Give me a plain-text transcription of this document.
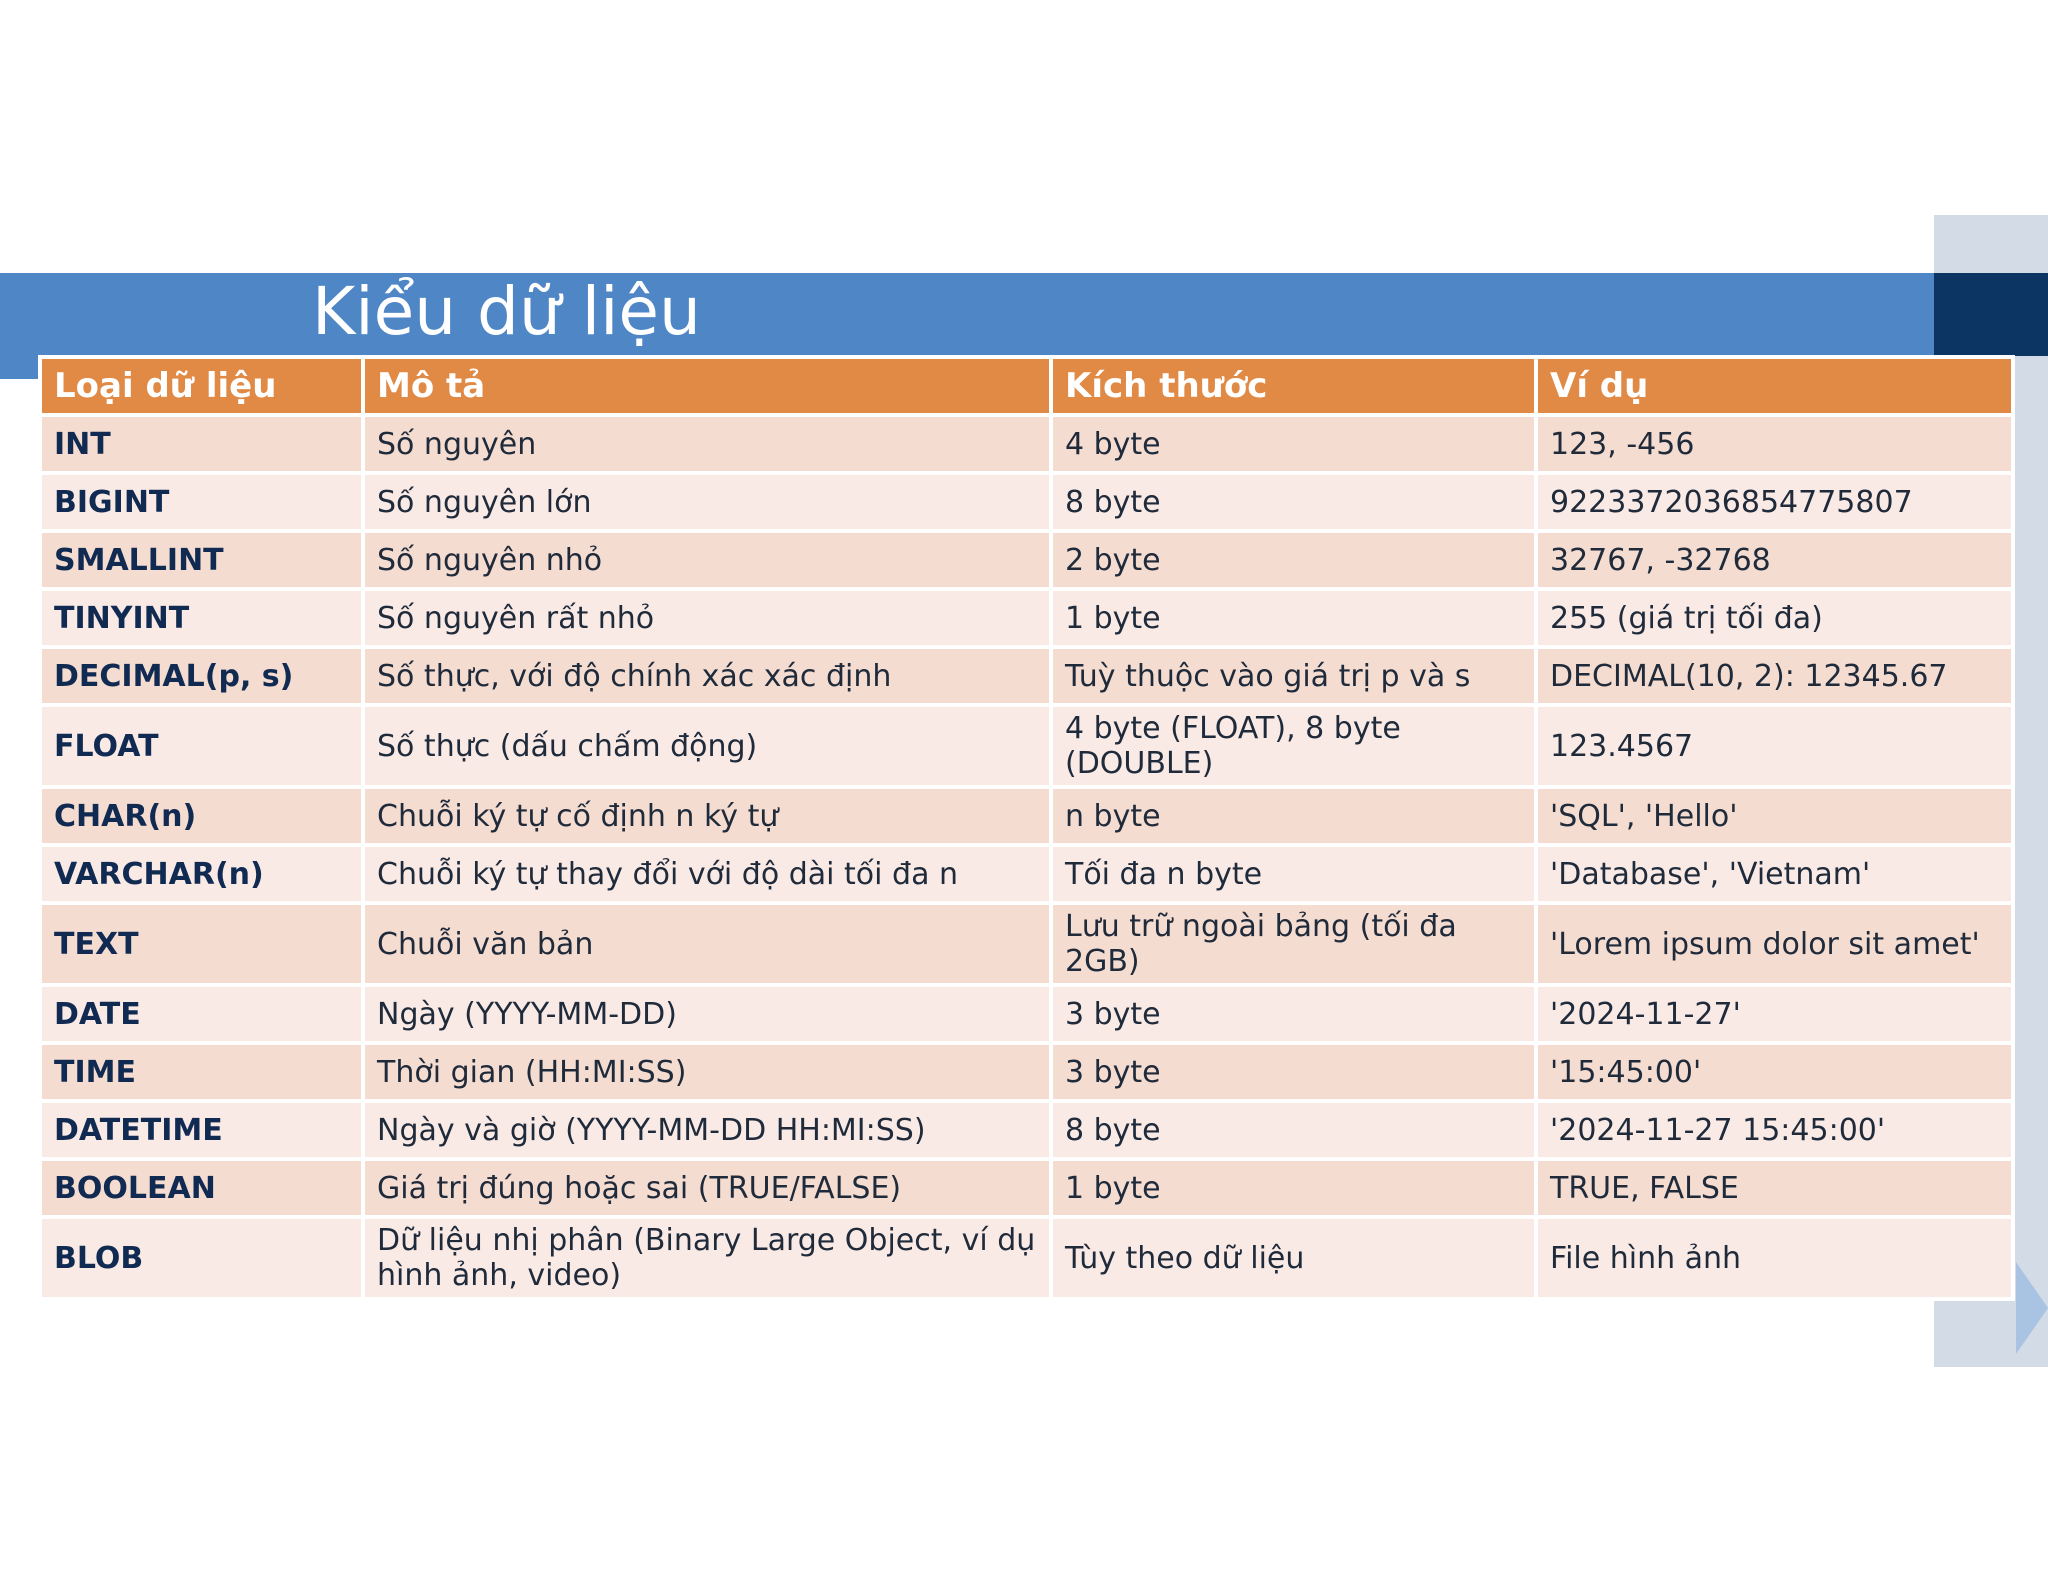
Kiểu dữ liệu
Loại dữ liệu	Mô tả	Kích thước	Ví dụ
INT	Số nguyên	4 byte	123, -456
BIGINT	Số nguyên lớn	8 byte	9223372036854775807
SMALLINT	Số nguyên nhỏ	2 byte	32767, -32768
TINYINT	Số nguyên rất nhỏ	1 byte	255 (giá trị tối đa)
DECIMAL(p, s)	Số thực, với độ chính xác xác định	Tuỳ thuộc vào giá trị p và s	DECIMAL(10, 2): 12345.67
FLOAT	Số thực (dấu chấm động)	4 byte (FLOAT), 8 byte (DOUBLE)	123.4567
CHAR(n)	Chuỗi ký tự cố định n ký tự	n byte	'SQL', 'Hello'
VARCHAR(n)	Chuỗi ký tự thay đổi với độ dài tối đa n	Tối đa n byte	'Database', 'Vietnam'
TEXT	Chuỗi văn bản	Lưu trữ ngoài bảng (tối đa 2GB)	'Lorem ipsum dolor sit amet'
DATE	Ngày (YYYY-MM-DD)	3 byte	'2024-11-27'
TIME	Thời gian (HH:MI:SS)	3 byte	'15:45:00'
DATETIME	Ngày và giờ (YYYY-MM-DD HH:MI:SS)	8 byte	'2024-11-27 15:45:00'
BOOLEAN	Giá trị đúng hoặc sai (TRUE/FALSE)	1 byte	TRUE, FALSE
BLOB	Dữ liệu nhị phân (Binary Large Object, ví dụ hình ảnh, video)	Tùy theo dữ liệu	File hình ảnh
